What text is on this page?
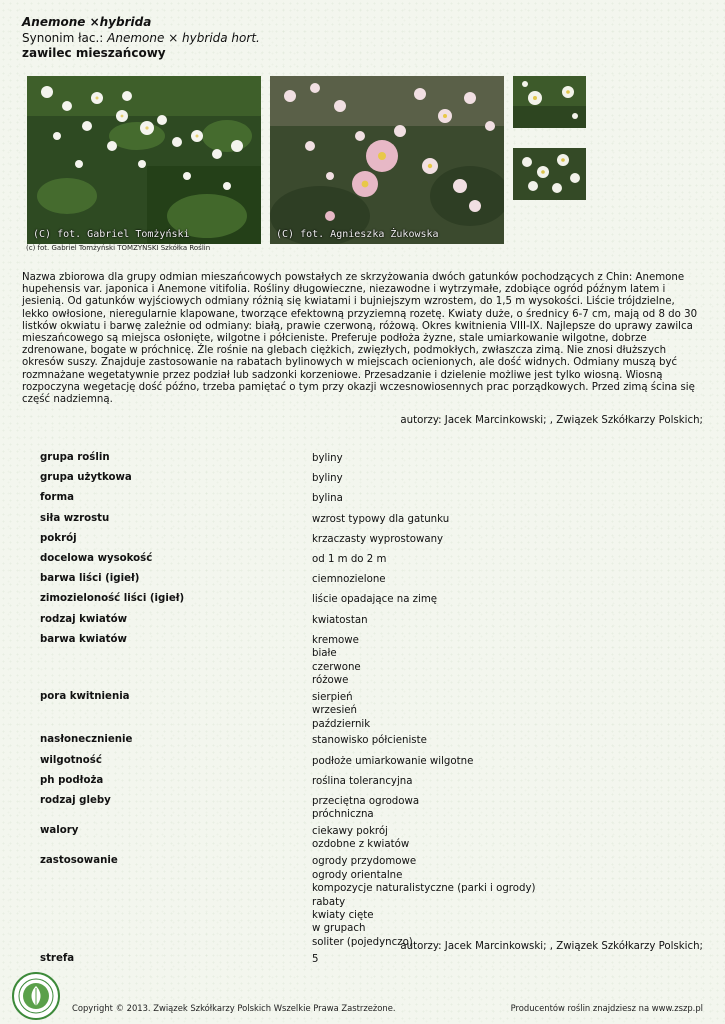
Anemone ×hybrida
Synonim łac.: Anemone × hybrida hort.
zawilec mieszańcowy
(C) fot. Gabriel Tomżyński	(C) fot. Agnieszka Żukowska
(c) fot. Gabriel Tomżyński TOMZYŃSKI Szkółka Roślin
Nazwa zbiorowa dla grupy odmian mieszańcowych powstałych ze skrzyżowania dwóch gatunków pochodzących z Chin: Anemone hupehensis var. japonica i Anemone vitifolia. Rośliny długowieczne, niezawodne i wytrzymałe, zdobiące ogród późnym latem i jesienią. Od gatunków wyjściowych odmiany różnią się kwiatami i bujniejszym wzrostem, do 1,5 m wysokości. Liście trójdzielne, lekko owłosione, nieregularnie klapowane, tworzące efektowną przyziemną rozetę. Kwiaty duże, o średnicy 6-7 cm, mają od 8 do 30 listków okwiatu i barwę zależnie od odmiany: białą, prawie czerwoną, różową. Okres kwitnienia VIII-IX. Najlepsze do uprawy zawilca mieszańcowego są miejsca osłonięte, wilgotne i półcieniste. Preferuje podłoża żyzne, stale umiarkowanie wilgotne, dobrze zdrenowane, bogate w próchnicę. Źle rośnie na glebach ciężkich, zwięzłych, podmokłych, zwłaszcza zimą. Nie znosi dłuższych okresów suszy. Znajduje zastosowanie na rabatach bylinowych w miejscach ocienionych, ale dość widnych. Odmiany muszą być rozmnażane wegetatywnie przez podział lub sadzonki korzeniowe. Przesadzanie i dzielenie możliwe jest tylko wiosną. Wiosną rozpoczyna wegetację dość późno, trzeba pamiętać o tym przy okazji wczesnowiosennych prac porządkowych. Przed zimą ścina się część nadziemną.
autorzy: Jacek Marcinkowski; , Związek Szkółkarzy Polskich;
grupa roślin	byliny
grupa użytkowa	byliny
forma	bylina
siła wzrostu	wzrost typowy dla gatunku
pokrój	krzaczasty wyprostowany
docelowa wysokość	od 1 m do 2 m
barwa liści (igieł)	ciemnozielone
zimozieloność liści (igieł)	liście opadające na zimę
rodzaj kwiatów	kwiatostan
barwa kwiatów	kremowe
białe
czerwone
różowe
pora kwitnienia	sierpień
wrzesień
październik
nasłonecznienie	stanowisko półcieniste
wilgotność	podłoże umiarkowanie wilgotne
ph podłoża	roślina tolerancyjna
rodzaj gleby	przeciętna ogrodowa
próchniczna
walory	ciekawy pokrój
ozdobne z kwiatów
zastosowanie	ogrody przydomowe
ogrody orientalne
kompozycje naturalistyczne (parki i ogrody)
rabaty
kwiaty cięte
w grupach
soliter (pojedynczo)
strefa	5
autorzy: Jacek Marcinkowski; , Związek Szkółkarzy Polskich;
Copyright © 2013. Związek Szkółkarzy Polskich Wszelkie Prawa Zastrzeżone.	Producentów roślin znajdziesz na www.zszp.pl
